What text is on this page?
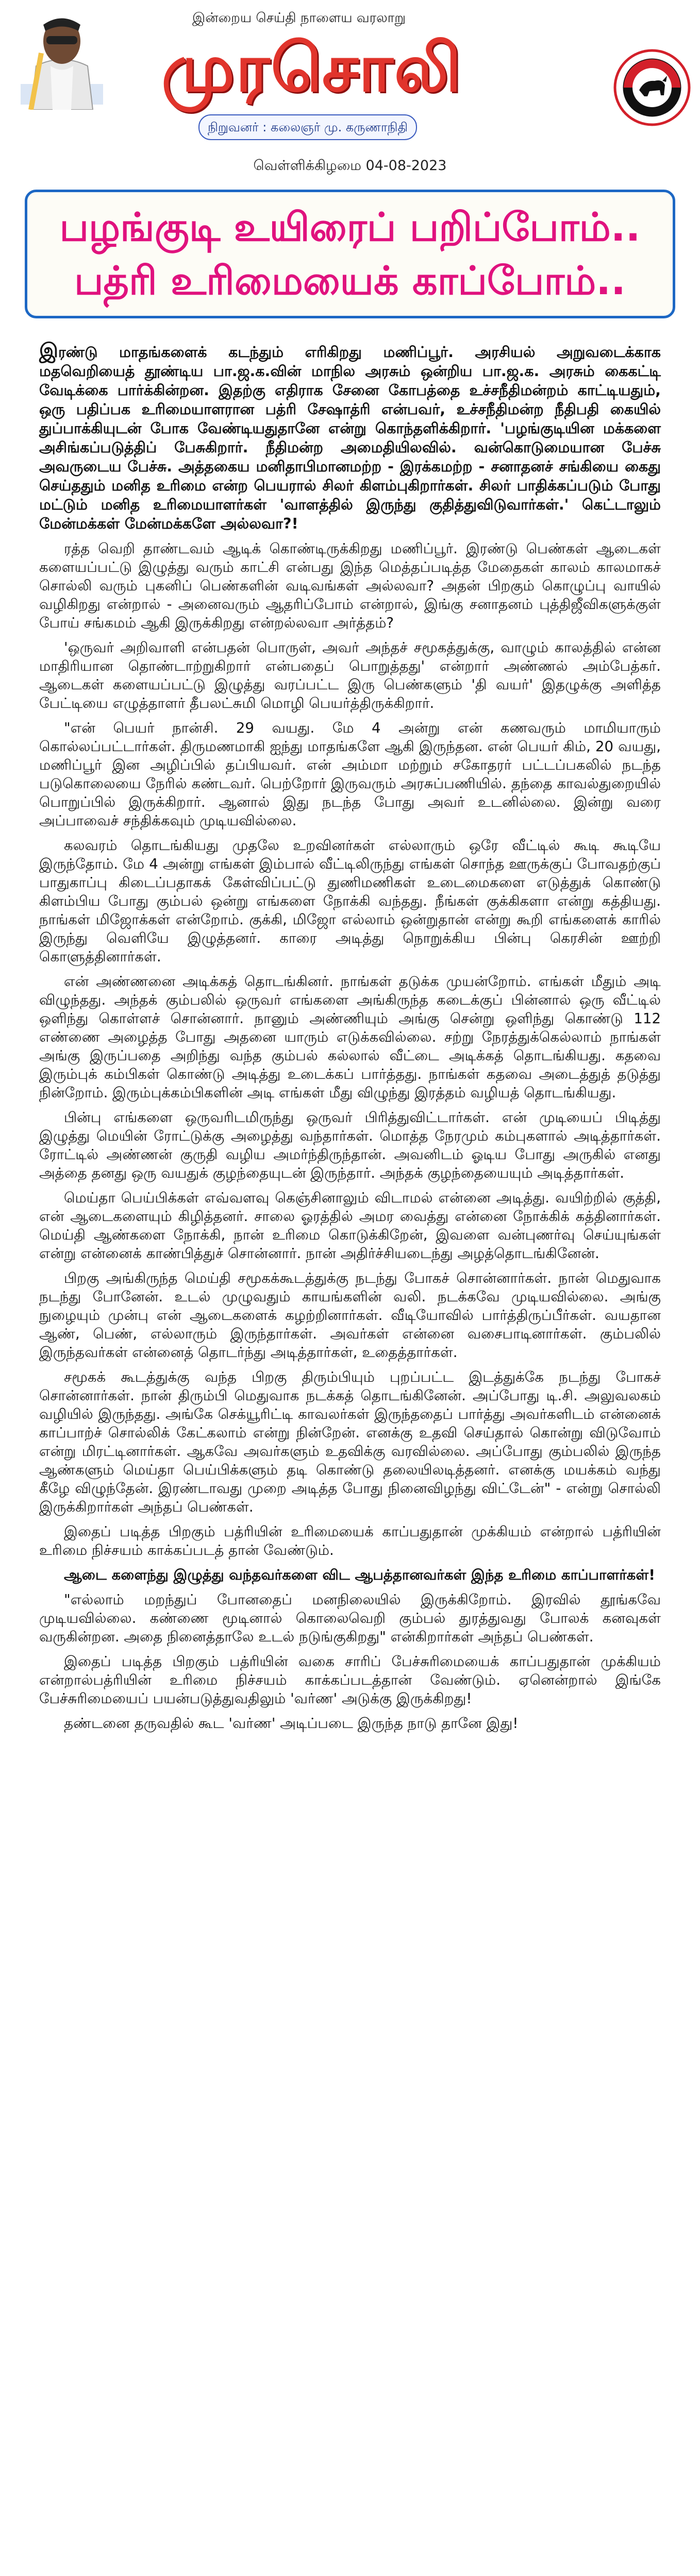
இன்றைய செய்தி நாளைய வரலாறு
முரசொலி
நிறுவனர் : கலைஞர் மு. கருணாநிதி
வெள்ளிக்கிழமை 04-08-2023
பழங்குடி உயிரைப் பறிப்போம்..
பத்ரி உரிமையைக் காப்போம்..

இரண்டு மாதங்களைக் கடந்தும் எரிகிறது மணிப்பூர். அரசியல் அறுவடைக்காக மதவெறியைத் தூண்டிய பா.ஜ.க.வின் மாநில அரசும் ஒன்றிய பா.ஜ.க. அரசும் கைகட்டி வேடிக்கை பார்க்கின்றன. இதற்கு எதிராக சேனை கோபத்தை உச்சநீதிமன்றம் காட்டியதும், ஒரு பதிப்பக உரிமையாளரான பத்ரி சேஷாத்ரி என்பவர், உச்சநீதிமன்ற நீதிபதி கையில் துப்பாக்கியுடன் போக வேண்டியதுதானே என்று கொந்தளிக்கிறார். 'பழங்குடியின மக்களை அசிங்கப்படுத்திப் பேசுகிறார். நீதிமன்ற அமைதியிலவில். வன்கொடுமையான பேச்சு அவருடைய பேச்சு. அத்தகைய மனிதாபிமானமற்ற - இரக்கமற்ற - சனாதனச் சங்கியை கைது செய்ததும் மனித உரிமை என்ற பெயரால் சிலர் கிளம்புகிறார்கள். சிலர் பாதிக்கப்படும் போது மட்டும் மனித உரிமையாளர்கள் 'வாளத்தில் இருந்து குதித்துவிடுவார்கள்.' கெட்டாலும் மேன்மக்கள் மேன்மக்களே அல்லவா?!

ரத்த வெறி தாண்டவம் ஆடிக் கொண்டிருக்கிறது மணிப்பூர். இரண்டு பெண்கள் ஆடைகள் களையப்பட்டு இழுத்து வரும் காட்சி என்பது இந்த மெத்தப்படித்த மேதைகள் காலம் காலமாகச் சொல்லி வரும் புகனிப் பெண்களின் வடிவங்கள் அல்லவா? அதன் பிறகும் கொழுப்பு வாயில் வழிகிறது என்றால் - அனைவரும் ஆதரிப்போம் என்றால், இங்கு சனாதனம் புத்திஜீவிகளுக்குள் போய் சங்கமம் ஆகி இருக்கிறது என்றல்லவா அர்த்தம்?

'ஒருவர் அறிவாளி என்பதன் பொருள், அவர் அந்தச் சமூகத்துக்கு, வாழும் காலத்தில் என்ன மாதிரியான தொண்டாற்றுகிறார் என்பதைப் பொறுத்தது' என்றார் அண்ணல் அம்பேத்கர். ஆடைகள் களையப்பட்டு இழுத்து வரப்பட்ட இரு பெண்களும் 'தி வயர்' இதழுக்கு அளித்த பேட்டியை எழுத்தாளர் தீபலட்சுமி மொழி பெயர்த்திருக்கிறார்.

"என் பெயர் நான்சி. 29 வயது. மே 4 அன்று என் கணவரும் மாமியாரும் கொல்லப்பட்டார்கள். திருமணமாகி ஐந்து மாதங்களே ஆகி இருந்தன. என் பெயர் கிம், 20 வயது, மணிப்பூர் இன அழிப்பில் தப்பியவர். என் அம்மா மற்றும் சகோதரர் பட்டப்பகலில் நடந்த படுகொலையை நேரில் கண்டவர். பெற்றோர் இருவரும் அரசுப்பணியில். தந்தை காவல்துறையில் பொறுப்பில் இருக்கிறார். ஆனால் இது நடந்த போது அவர் உடனில்லை. இன்று வரை அப்பாவைச் சந்திக்கவும் முடியவில்லை.

கலவரம் தொடங்கியது முதலே உறவினர்கள் எல்லாரும் ஒரே வீட்டில் கூடி கூடியே இருந்தோம். மே 4 அன்று எங்கள் இம்பால் வீட்டிலிருந்து எங்கள் சொந்த ஊருக்குப் போவதற்குப் பாதுகாப்பு கிடைப்பதாகக் கேள்விப்பட்டு துணிமணிகள் உடைமைகளை எடுத்துக் கொண்டு கிளம்பிய போது கும்பல் ஒன்று எங்களை நோக்கி வந்தது. நீங்கள் குக்கிகளா என்று கத்தியது. நாங்கள் மிஜோக்கள் என்றோம். குக்கி, மிஜோ எல்லாம் ஒன்றுதான் என்று கூறி எங்களைக் காரில் இருந்து வெளியே இழுத்தனர். காரை அடித்து நொறுக்கிய பின்பு கெரசின் ஊற்றி கொளுத்தினார்கள்.

என் அண்ணனை அடிக்கத் தொடங்கினர். நாங்கள் தடுக்க முயன்றோம். எங்கள் மீதும் அடி விழுந்தது. அந்தக் கும்பலில் ஒருவர் எங்களை அங்கிருந்த கடைக்குப் பின்னால் ஒரு வீட்டில் ஒளிந்து கொள்ளச் சொன்னார். நானும் அண்ணியும் அங்கு சென்று ஒளிந்து கொண்டு 112 எண்ணை அழைத்த போது அதனை யாரும் எடுக்கவில்லை. சற்று நேரத்துக்கெல்லாம் நாங்கள் அங்கு இருப்பதை அறிந்து வந்த கும்பல் கல்லால் வீட்டை அடிக்கத் தொடங்கியது. கதவை இரும்புக் கம்பிகள் கொண்டு அடித்து உடைக்கப் பார்த்தது. நாங்கள் கதவை அடைத்துத் தடுத்து நின்றோம். இரும்புக்கம்பிகளின் அடி எங்கள் மீது விழுந்து இரத்தம் வழியத் தொடங்கியது.

பின்பு எங்களை ஒருவரிடமிருந்து ஒருவர் பிரித்துவிட்டார்கள். என் முடியைப் பிடித்து இழுத்து மெயின் ரோட்டுக்கு அழைத்து வந்தார்கள். மொத்த நேரமும் கம்புகளால் அடித்தார்கள். ரோட்டில் அண்ணன் குருதி வழிய அமர்ந்திருந்தான். அவனிடம் ஓடிய போது அருகில் எனது அத்தை தனது ஒரு வயதுக் குழந்தையுடன் இருந்தார். அந்தக் குழந்தையையும் அடித்தார்கள்.

மெய்தா பெய்பிக்கள் எவ்வளவு கெஞ்சினாலும் விடாமல் என்னை அடித்து. வயிற்றில் குத்தி, என் ஆடைகளையும் கிழித்தனர். சாலை ஓரத்தில் அமர வைத்து என்னை நோக்கிக் கத்தினார்கள். மெய்தி ஆண்களை நோக்கி, நான் உரிமை கொடுக்கிறேன், இவளை வன்புணர்வு செய்யுங்கள் என்று என்னைக் காண்பித்துச் சொன்னார். நான் அதிர்ச்சியடைந்து அழத்தொடங்கினேன்.

பிறகு அங்கிருந்த மெய்தி சமூகக்கூடத்துக்கு நடந்து போகச் சொன்னார்கள். நான் மெதுவாக நடந்து போனேன். உடல் முழுவதும் காயங்களின் வலி. நடக்கவே முடியவில்லை. அங்கு நுழையும் முன்பு என் ஆடைகளைக் கழற்றினார்கள். வீடியோவில் பார்த்திருப்பீர்கள். வயதான ஆண், பெண், எல்லாரும் இருந்தார்கள். அவர்கள் என்னை வசைபாடினார்கள். கும்பலில் இருந்தவர்கள் என்னைத் தொடர்ந்து அடித்தார்கள், உதைத்தார்கள்.

சமூகக் கூடத்துக்கு வந்த பிறகு திரும்பியும் புறப்பட்ட இடத்துக்கே நடந்து போகச் சொன்னார்கள். நான் திரும்பி மெதுவாக நடக்கத் தொடங்கினேன். அப்போது டி.சி. அலுவலகம் வழியில் இருந்தது. அங்கே செக்யூரிட்டி காவலர்கள் இருந்ததைப் பார்த்து அவர்களிடம் என்னைக் காப்பாற்ச் சொல்லிக் கேட்கலாம் என்று நின்றேன். எனக்கு உதவி செய்தால் கொன்று விடுவோம் என்று மிரட்டினார்கள். ஆகவே அவர்களும் உதவிக்கு வரவில்லை. அப்போது கும்பலில் இருந்த ஆண்களும் மெய்தா பெய்பிக்களும் தடி கொண்டு தலையிலடித்தனர். எனக்கு மயக்கம் வந்து கீழே விழுந்தேன். இரண்டாவது முறை அடித்த போது நினைவிழந்து விட்டேன்" - என்று சொல்லி இருக்கிறார்கள் அந்தப் பெண்கள்.

இதைப் படித்த பிறகும் பத்ரியின் உரிமையைக் காப்பதுதான் முக்கியம் என்றால் பத்ரியின் உரிமை நிச்சயம் காக்கப்படத் தான் வேண்டும்.

ஆடை களைந்து இழுத்து வந்தவர்களை விட ஆபத்தானவர்கள் இந்த உரிமை காப்பாளர்கள்!

"எல்லாம் மறந்துப் போனதைப் மனநிலையில் இருக்கிறோம். இரவில் தூங்கவே முடியவில்லை. கண்ணை மூடினால் கொலைவெறி கும்பல் துரத்துவது போலக் கனவுகள் வருகின்றன. அதை நினைத்தாலே உடல் நடுங்குகிறது" என்கிறார்கள் அந்தப் பெண்கள்.

இதைப் படித்த பிறகும் பத்ரியின் வகை சாரிப் பேச்சுரிமையைக் காப்பதுதான் முக்கியம் என்றால்பத்ரியின் உரிமை நிச்சயம் காக்கப்படத்தான் வேண்டும். ஏனென்றால் இங்கே பேச்சுரிமையைப் பயன்படுத்துவதிலும் 'வர்ண' அடுக்கு இருக்கிறது!

தண்டனை தருவதில் கூட 'வர்ண' அடிப்படை இருந்த நாடு தானே இது!
